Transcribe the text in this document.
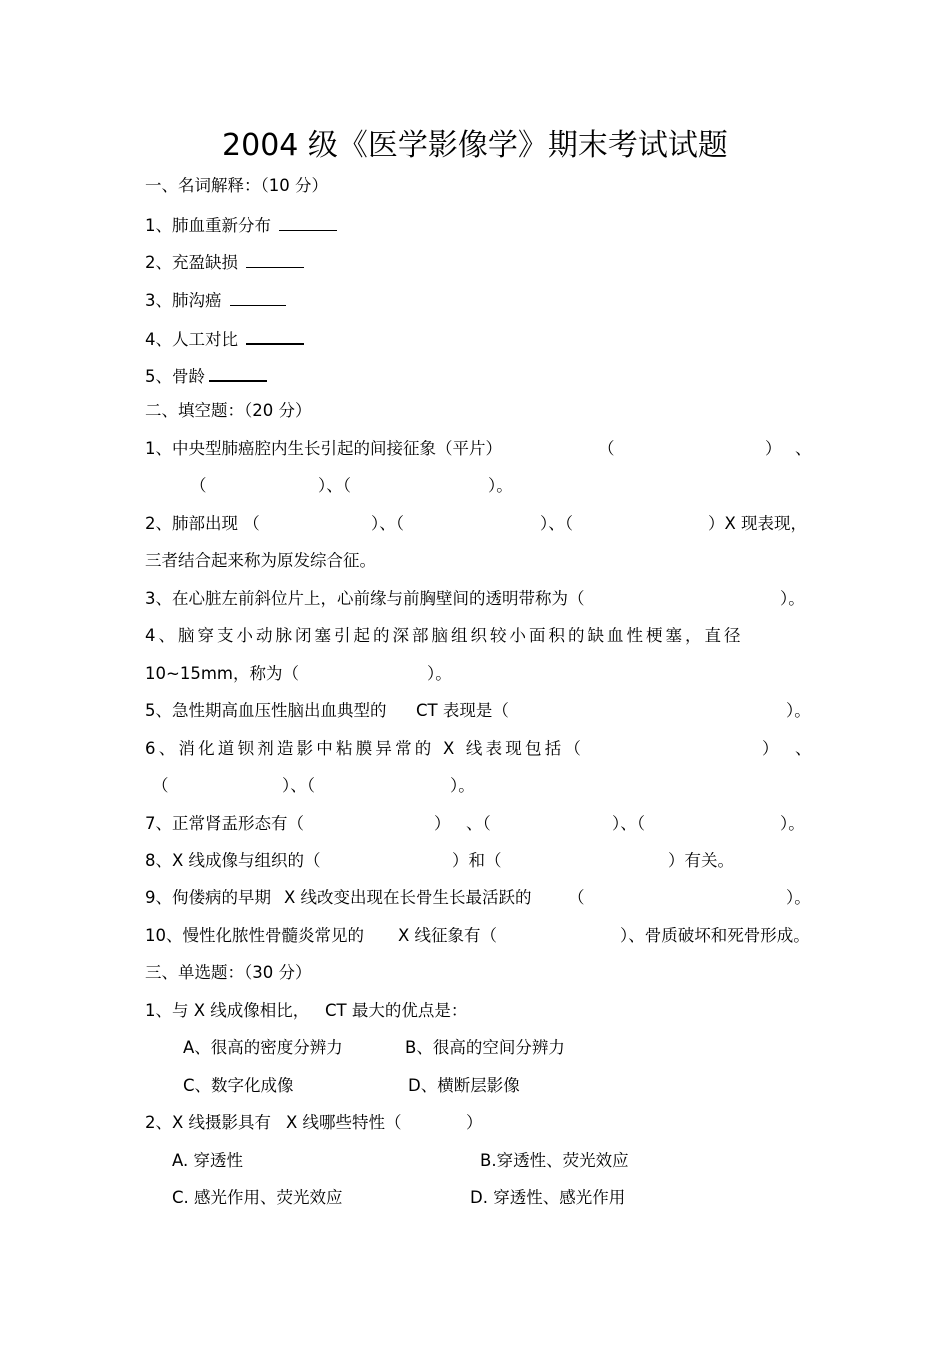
2004 级《医学影像学》期末考试试题
一、名词解释：（10 分）
1、肺血重新分布
2、充盈缺损
3、肺沟癌
4、人工对比
5、骨龄
二、填空题：（20 分）
1、中央型肺癌腔内生长引起的间接征象（平片）	（	） 、
（	）、（	）。
2、肺部出现 （	）、（	）、（	）X 现表现，
三者结合起来称为原发综合征。
3、在心脏左前斜位片上，心前缘与前胸壁间的透明带称为（	）。
4、脑穿支小动脉闭塞引起的深部脑组织较小面积的缺血性梗塞，直径
10~15mm，称为（	）。
5、急性期高血压性脑出血典型的 CT 表现是（	）。
6、消化道钡剂造影中粘膜异常的 X 线表现包括（	） 、
（	）、（	）。
7、正常肾盂形态有（	） 、（	）、（	）。
8、X 线成像与组织的（	）和（	）有关。
9、佝偻病的早期 X 线改变出现在长骨生长最活跃的 （	）。
10、慢性化脓性骨髓炎常见的 X 线征象有（	）、骨质破坏和死骨形成。
三、单选题：（30 分）
1、与 X 线成像相比， CT 最大的优点是：
A、很高的密度分辨力	B、很高的空间分辨力
C、数字化成像	D、横断层影像
2、X 线摄影具有 X 线哪些特性（	）
A. 穿透性	B.穿透性、荧光效应
C. 感光作用、荧光效应	D. 穿透性、感光作用
